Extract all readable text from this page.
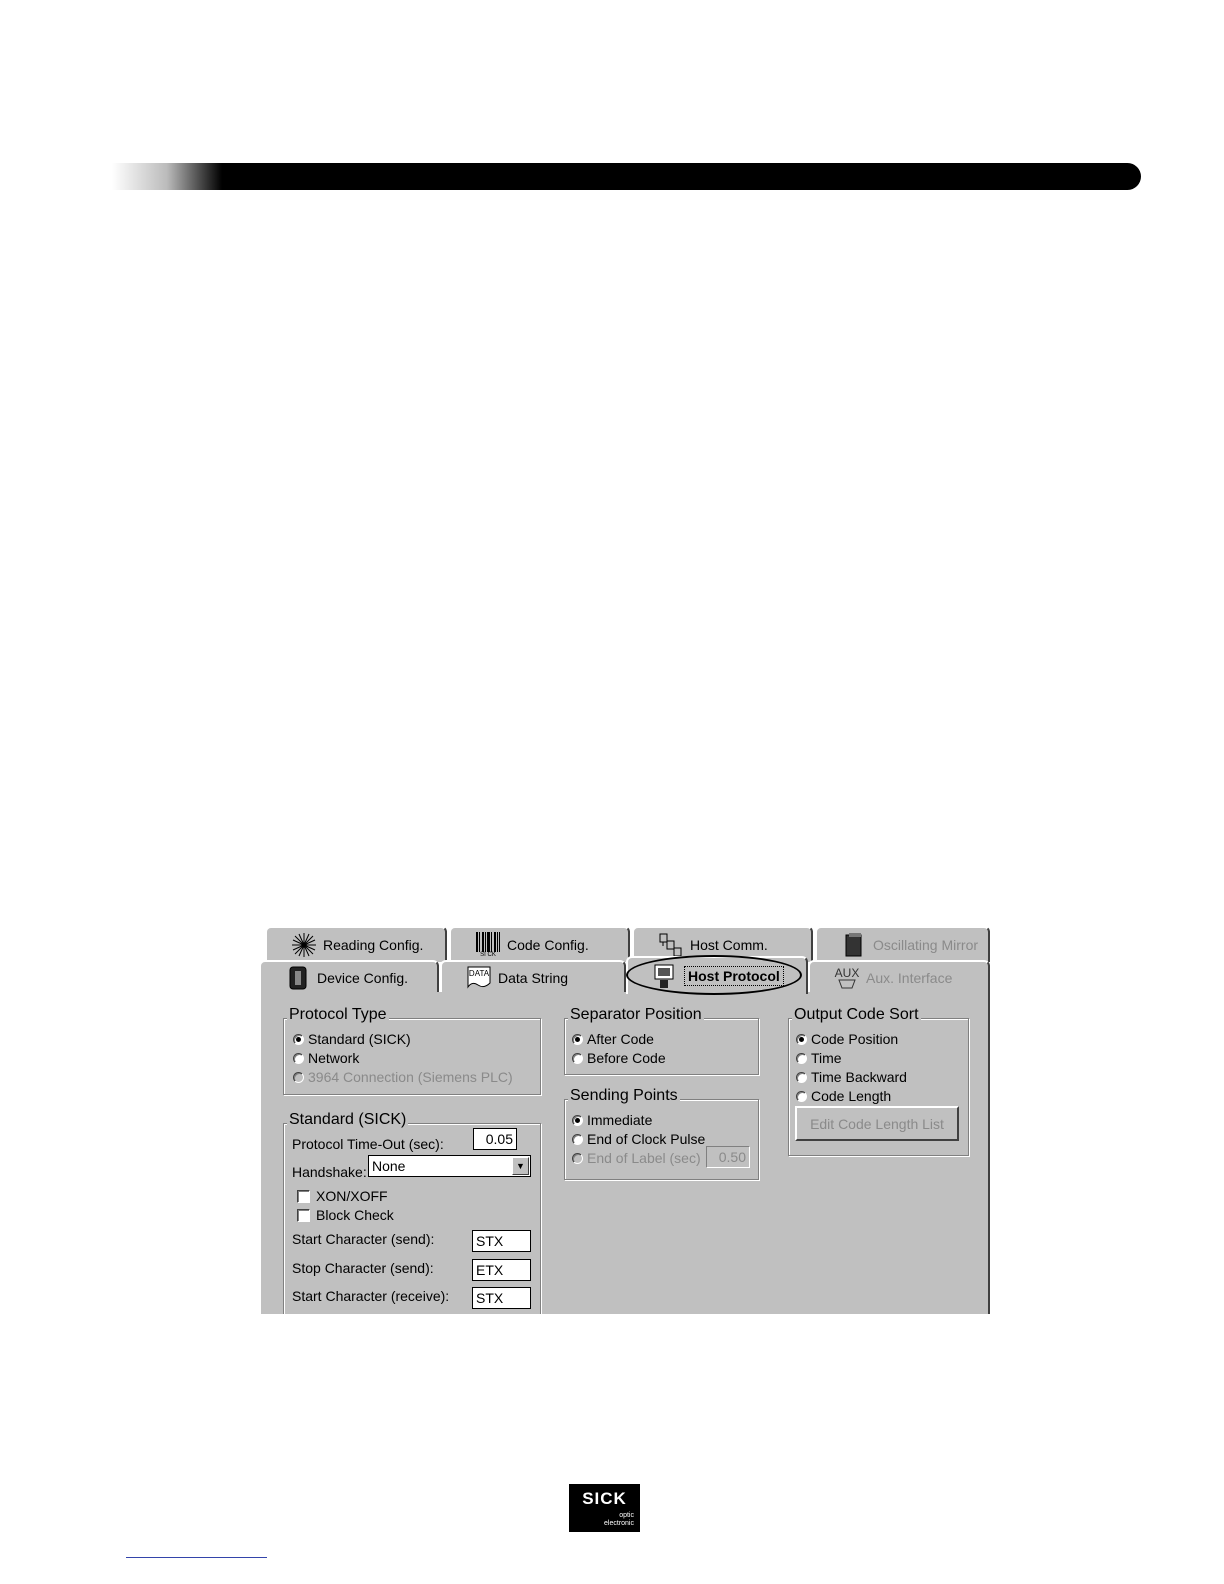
Reading Config.
SI CK
Code Config.	Host Comm.	Oscillating Mirror
Device Config.	DATA Data String	Host Protocol	AUX Aux. Interface
Protocol Type
Standard (SICK)
Network
3964 Connection (Siemens PLC)
Standard (SICK)
Protocol Time-Out (sec):	0.05
Handshake: None	▼
XON/XOFF
Block Check
Start Character (send):	STX
Stop Character (send):	ETX
Start Character (receive): STX
Separator Position
After Code
Before Code
Sending Points
Immediate
End of Clock Pulse
End of Label (sec)	0.50
Output Code Sort
Code Position
Time
Time Backward
Code Length
Edit Code Length List
SICK
optic
electronic
